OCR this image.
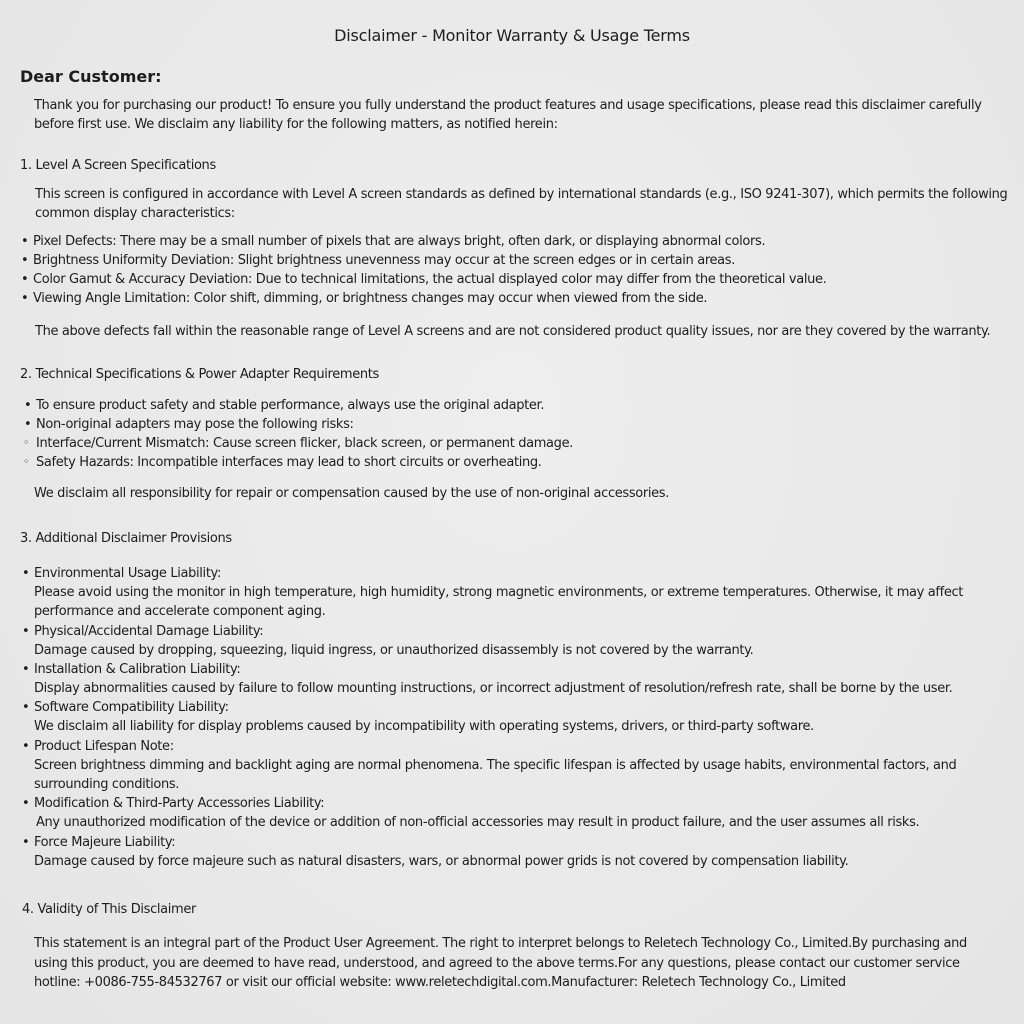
Disclaimer - Monitor Warranty & Usage Terms
Dear Customer:
Thank you for purchasing our product! To ensure you fully understand the product features and usage specifications, please read this disclaimer carefully
before first use. We disclaim any liability for the following matters, as notified herein:
1. Level A Screen Specifications
This screen is configured in accordance with Level A screen standards as defined by international standards (e.g., ISO 9241-307), which permits the following
common display characteristics:
• Pixel Defects: There may be a small number of pixels that are always bright, often dark, or displaying abnormal colors.
• Brightness Uniformity Deviation: Slight brightness unevenness may occur at the screen edges or in certain areas.
• Color Gamut & Accuracy Deviation: Due to technical limitations, the actual displayed color may differ from the theoretical value.
• Viewing Angle Limitation: Color shift, dimming, or brightness changes may occur when viewed from the side.
The above defects fall within the reasonable range of Level A screens and are not considered product quality issues, nor are they covered by the warranty.
2. Technical Specifications & Power Adapter Requirements
• To ensure product safety and stable performance, always use the original adapter.
• Non-original adapters may pose the following risks:
◦ Interface/Current Mismatch: Cause screen flicker, black screen, or permanent damage.
◦ Safety Hazards: Incompatible interfaces may lead to short circuits or overheating.
We disclaim all responsibility for repair or compensation caused by the use of non-original accessories.
3. Additional Disclaimer Provisions
• Environmental Usage Liability:
Please avoid using the monitor in high temperature, high humidity, strong magnetic environments, or extreme temperatures. Otherwise, it may affect
performance and accelerate component aging.
• Physical/Accidental Damage Liability:
Damage caused by dropping, squeezing, liquid ingress, or unauthorized disassembly is not covered by the warranty.
• Installation & Calibration Liability:
Display abnormalities caused by failure to follow mounting instructions, or incorrect adjustment of resolution/refresh rate, shall be borne by the user.
• Software Compatibility Liability:
We disclaim all liability for display problems caused by incompatibility with operating systems, drivers, or third-party software.
• Product Lifespan Note:
Screen brightness dimming and backlight aging are normal phenomena. The specific lifespan is affected by usage habits, environmental factors, and
surrounding conditions.
• Modification & Third-Party Accessories Liability:
Any unauthorized modification of the device or addition of non-official accessories may result in product failure, and the user assumes all risks.
• Force Majeure Liability:
Damage caused by force majeure such as natural disasters, wars, or abnormal power grids is not covered by compensation liability.
4. Validity of This Disclaimer
This statement is an integral part of the Product User Agreement. The right to interpret belongs to Reletech Technology Co., Limited.By purchasing and
using this product, you are deemed to have read, understood, and agreed to the above terms.For any questions, please contact our customer service
hotline: +0086-755-84532767 or visit our official website: www.reletechdigital.com.Manufacturer: Reletech Technology Co., Limited
